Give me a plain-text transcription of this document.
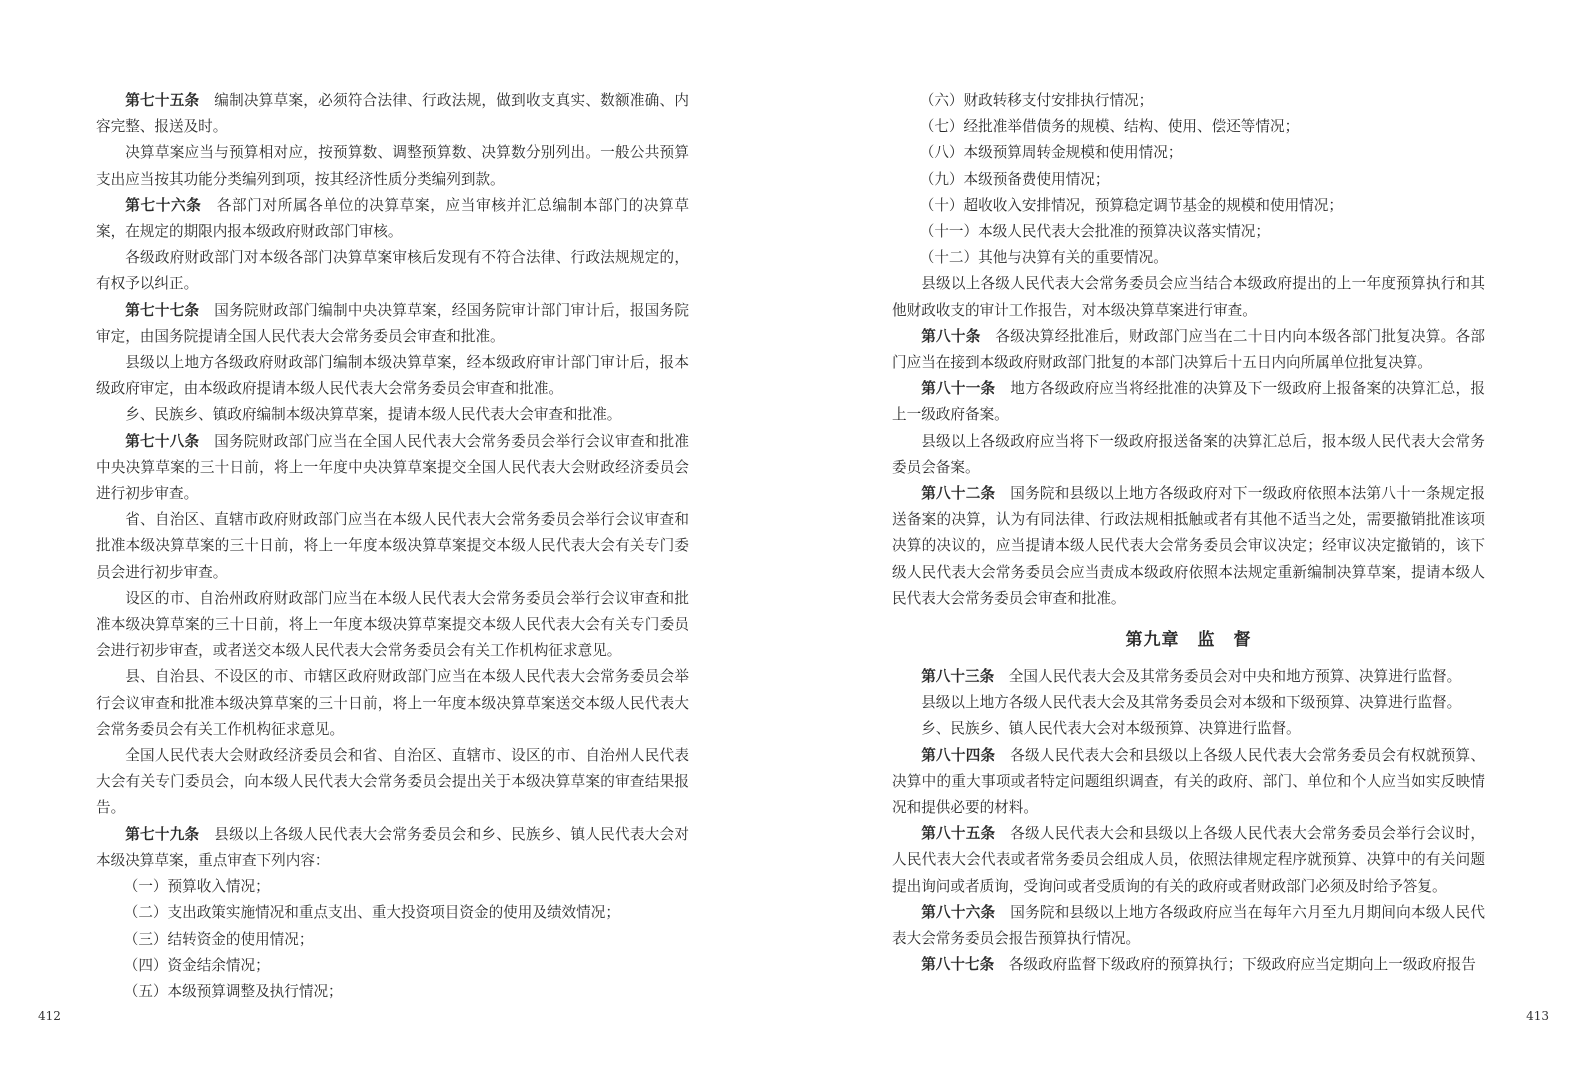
第七十五条　 编制决算草案，必须符合法律、行政法规，做到收支真实、数额准确、内容完整、报送及时。

决算草案应当与预算相对应，按预算数、调整预算数、决算数分别列出。一般公共预算支出应当按其功能分类编列到项，按其经济性质分类编列到款。

第七十六条　 各部门对所属各单位的决算草案，应当审核并汇总编制本部门的决算草案，在规定的期限内报本级政府财政部门审核。

各级政府财政部门对本级各部门决算草案审核后发现有不符合法律、行政法规规定的，有权予以纠正。

第七十七条　 国务院财政部门编制中央决算草案，经国务院审计部门审计后，报国务院审定，由国务院提请全国人民代表大会常务委员会审查和批准。

县级以上地方各级政府财政部门编制本级决算草案，经本级政府审计部门审计后，报本级政府审定，由本级政府提请本级人民代表大会常务委员会审查和批准。

乡、民族乡、镇政府编制本级决算草案，提请本级人民代表大会审查和批准。

第七十八条　 国务院财政部门应当在全国人民代表大会常务委员会举行会议审查和批准中央决算草案的三十日前，将上一年度中央决算草案提交全国人民代表大会财政经济委员会进行初步审查。

省、自治区、直辖市政府财政部门应当在本级人民代表大会常务委员会举行会议审查和批准本级决算草案的三十日前，将上一年度本级决算草案提交本级人民代表大会有关专门委员会进行初步审查。

设区的市、自治州政府财政部门应当在本级人民代表大会常务委员会举行会议审查和批准本级决算草案的三十日前，将上一年度本级决算草案提交本级人民代表大会有关专门委员会进行初步审查，或者送交本级人民代表大会常务委员会有关工作机构征求意见。

县、自治县、不设区的市、市辖区政府财政部门应当在本级人民代表大会常务委员会举行会议审查和批准本级决算草案的三十日前，将上一年度本级决算草案送交本级人民代表大会常务委员会有关工作机构征求意见。

全国人民代表大会财政经济委员会和省、自治区、直辖市、设区的市、自治州人民代表大会有关专门委员会，向本级人民代表大会常务委员会提出关于本级决算草案的审查结果报告。

第七十九条　 县级以上各级人民代表大会常务委员会和乡、民族乡、镇人民代表大会对本级决算草案，重点审查下列内容：

（一）预算收入情况；

（二）支出政策实施情况和重点支出、重大投资项目资金的使用及绩效情况；

（三）结转资金的使用情况；

（四）资金结余情况；

（五）本级预算调整及执行情况；

412

（六）财政转移支付安排执行情况；

（七）经批准举借债务的规模、结构、使用、偿还等情况；

（八）本级预算周转金规模和使用情况；

（九）本级预备费使用情况；

（十）超收收入安排情况，预算稳定调节基金的规模和使用情况；

（十一）本级人民代表大会批准的预算决议落实情况；

（十二）其他与决算有关的重要情况。

县级以上各级人民代表大会常务委员会应当结合本级政府提出的上一年度预算执行和其他财政收支的审计工作报告，对本级决算草案进行审查。

第八十条　 各级决算经批准后，财政部门应当在二十日内向本级各部门批复决算。各部门应当在接到本级政府财政部门批复的本部门决算后十五日内向所属单位批复决算。

第八十一条　 地方各级政府应当将经批准的决算及下一级政府上报备案的决算汇总，报上一级政府备案。

县级以上各级政府应当将下一级政府报送备案的决算汇总后，报本级人民代表大会常务委员会备案。

第八十二条　 国务院和县级以上地方各级政府对下一级政府依照本法第八十一条规定报送备案的决算，认为有同法律、行政法规相抵触或者有其他不适当之处，需要撤销批准该项决算的决议的，应当提请本级人民代表大会常务委员会审议决定；经审议决定撤销的，该下级人民代表大会常务委员会应当责成本级政府依照本法规定重新编制决算草案，提请本级人民代表大会常务委员会审查和批准。

第九章　监　督

第八十三条　 全国人民代表大会及其常务委员会对中央和地方预算、决算进行监督。

县级以上地方各级人民代表大会及其常务委员会对本级和下级预算、决算进行监督。

乡、民族乡、镇人民代表大会对本级预算、决算进行监督。

第八十四条　 各级人民代表大会和县级以上各级人民代表大会常务委员会有权就预算、决算中的重大事项或者特定问题组织调查，有关的政府、部门、单位和个人应当如实反映情况和提供必要的材料。

第八十五条　 各级人民代表大会和县级以上各级人民代表大会常务委员会举行会议时，人民代表大会代表或者常务委员会组成人员，依照法律规定程序就预算、决算中的有关问题提出询问或者质询，受询问或者受质询的有关的政府或者财政部门必须及时给予答复。

第八十六条　 国务院和县级以上地方各级政府应当在每年六月至九月期间向本级人民代表大会常务委员会报告预算执行情况。

第八十七条　 各级政府监督下级政府的预算执行；下级政府应当定期向上一级政府报告

413
